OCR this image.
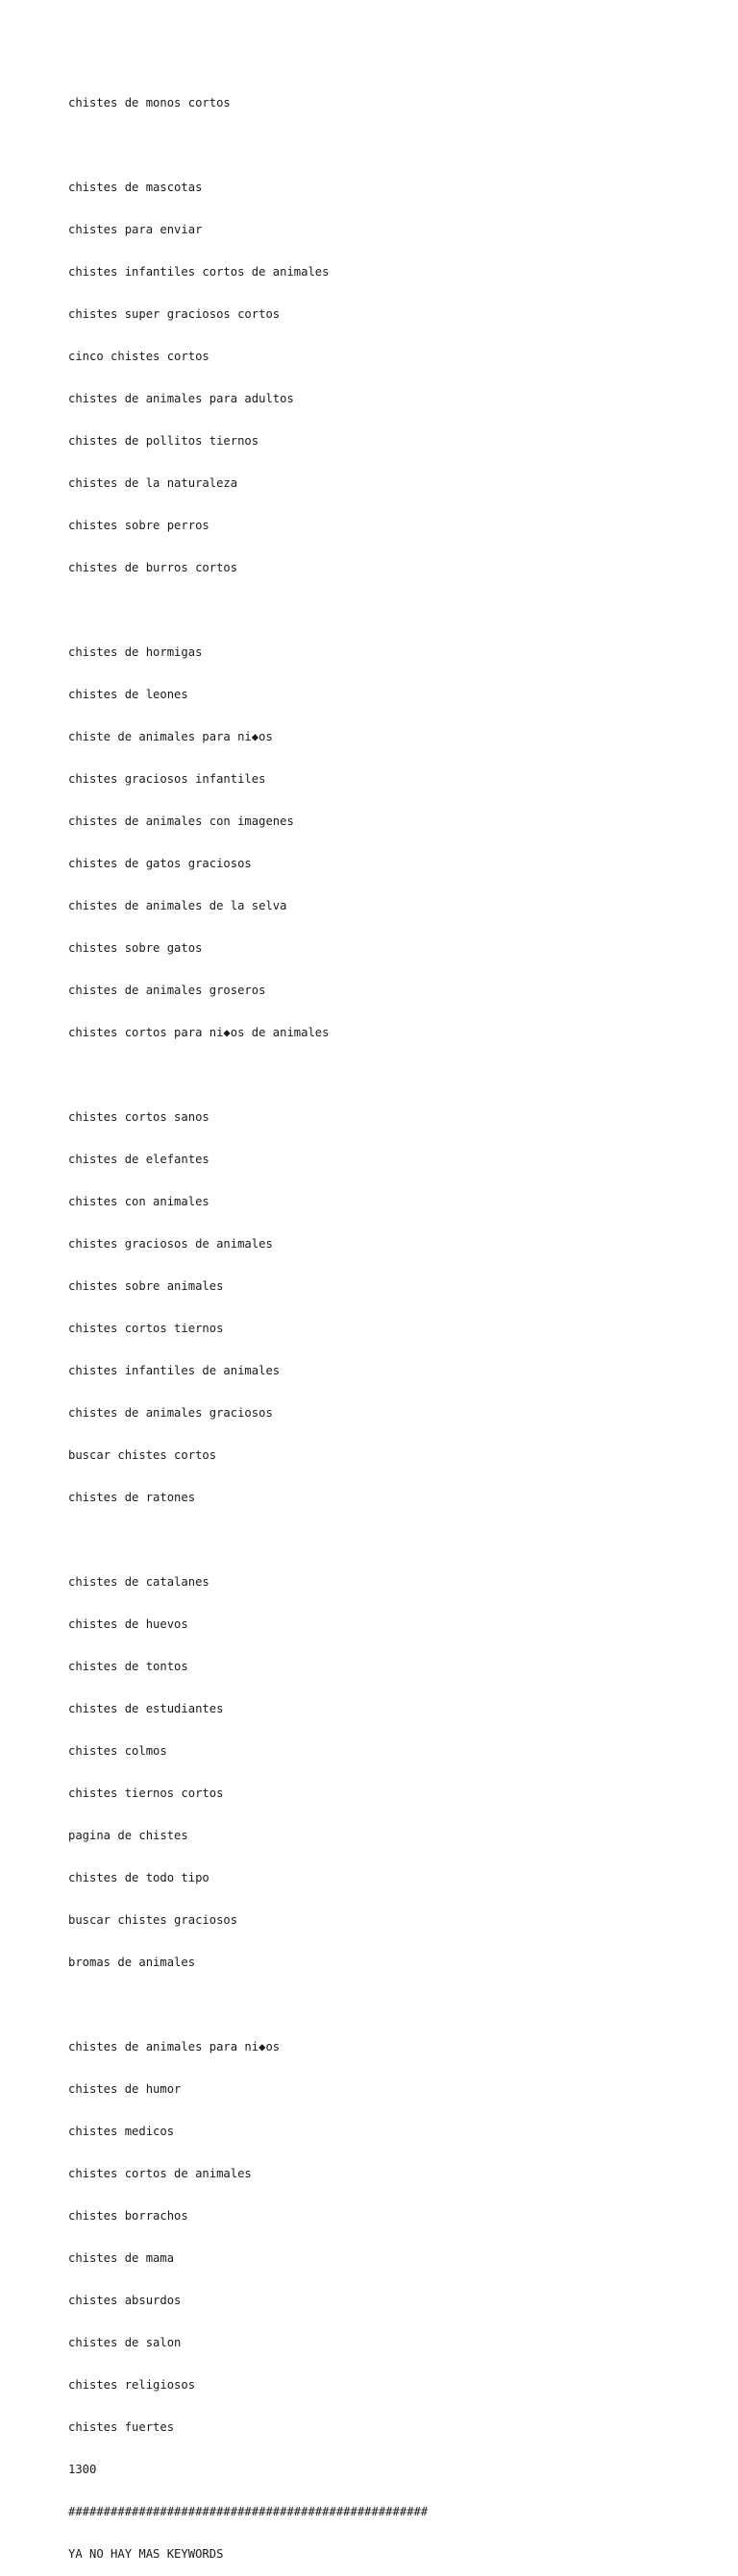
chistes de monos cortos

chistes de mascotas

chistes para enviar

chistes infantiles cortos de animales

chistes super graciosos cortos

cinco chistes cortos

chistes de animales para adultos

chistes de pollitos tiernos

chistes de la naturaleza

chistes sobre perros

chistes de burros cortos

chistes de hormigas

chistes de leones

chiste de animales para ni◆os

chistes graciosos infantiles

chistes de animales con imagenes

chistes de gatos graciosos

chistes de animales de la selva

chistes sobre gatos

chistes de animales groseros

chistes cortos para ni◆os de animales

chistes cortos sanos

chistes de elefantes

chistes con animales

chistes graciosos de animales

chistes sobre animales

chistes cortos tiernos

chistes infantiles de animales

chistes de animales graciosos

buscar chistes cortos

chistes de ratones

chistes de catalanes

chistes de huevos

chistes de tontos

chistes de estudiantes

chistes colmos

chistes tiernos cortos

pagina de chistes

chistes de todo tipo

buscar chistes graciosos

bromas de animales

chistes de animales para ni◆os

chistes de humor

chistes medicos

chistes cortos de animales

chistes borrachos

chistes de mama

chistes absurdos

chistes de salon

chistes religiosos

chistes fuertes

1300

###################################################

YA NO HAY MAS KEYWORDS
